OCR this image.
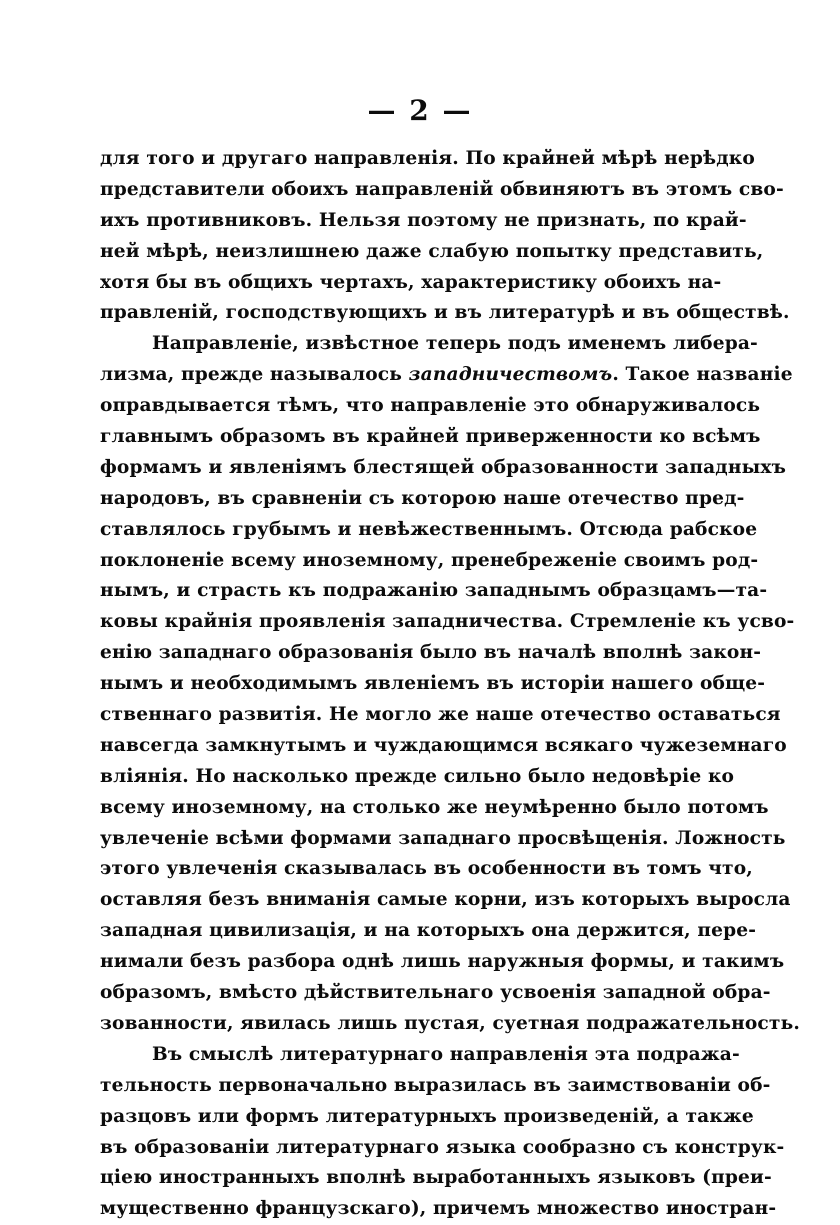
— 2 —
для того и другаго направленія. По крайней мѣрѣ нерѣдко
представители обоихъ направленій обвиняютъ въ этомъ сво-
ихъ противниковъ. Нельзя поэтому не признать, по край-
ней мѣрѣ, неизлишнею даже слабую попытку представить,
хотя бы въ общихъ чертахъ, характеристику обоихъ на-
правленій, господствующихъ и въ литературѣ и въ обществѣ.
Направленіе, извѣстное теперь подъ именемъ либера-
лизма, прежде называлось западничествомъ. Такое названіе
оправдывается тѣмъ, что направленіе это обнаруживалось
главнымъ образомъ въ крайней приверженности ко всѣмъ
формамъ и явленіямъ блестящей образованности западныхъ
народовъ, въ сравненіи съ которою наше отечество пред-
ставлялось грубымъ и невѣжественнымъ. Отсюда рабское
поклоненіе всему иноземному, пренебреженіе своимъ род-
нымъ, и страсть къ подражанію западнымъ образцамъ—та-
ковы крайнія проявленія западничества. Стремленіе къ усво-
енію западнаго образованія было въ началѣ вполнѣ закон-
нымъ и необходимымъ явленіемъ въ исторіи нашего обще-
ственнаго развитія. Не могло же наше отечество оставаться
навсегда замкнутымъ и чуждающимся всякаго чужеземнаго
вліянія. Но насколько прежде сильно было недовѣріе ко
всему иноземному, на столько же неумѣренно было потомъ
увлеченіе всѣми формами западнаго просвѣщенія. Ложность
этого увлеченія сказывалась въ особенности въ томъ что,
оставляя безъ вниманія самые корни, изъ которыхъ выросла
западная цивилизація, и на которыхъ она держится, пере-
нимали безъ разбора однѣ лишь наружныя формы, и такимъ
образомъ, вмѣсто дѣйствительнаго усвоенія западной обра-
зованности, явилась лишь пустая, суетная подражательность.
Въ смыслѣ литературнаго направленія эта подража-
тельность первоначально выразилась въ заимствованіи об-
разцовъ или формъ литературныхъ произведеній, а также
въ образованіи литературнаго языка сообразно съ конструк-
ціею иностранныхъ вполнѣ выработанныхъ языковъ (преи-
мущественно французскаго), причемъ множество иностран-
